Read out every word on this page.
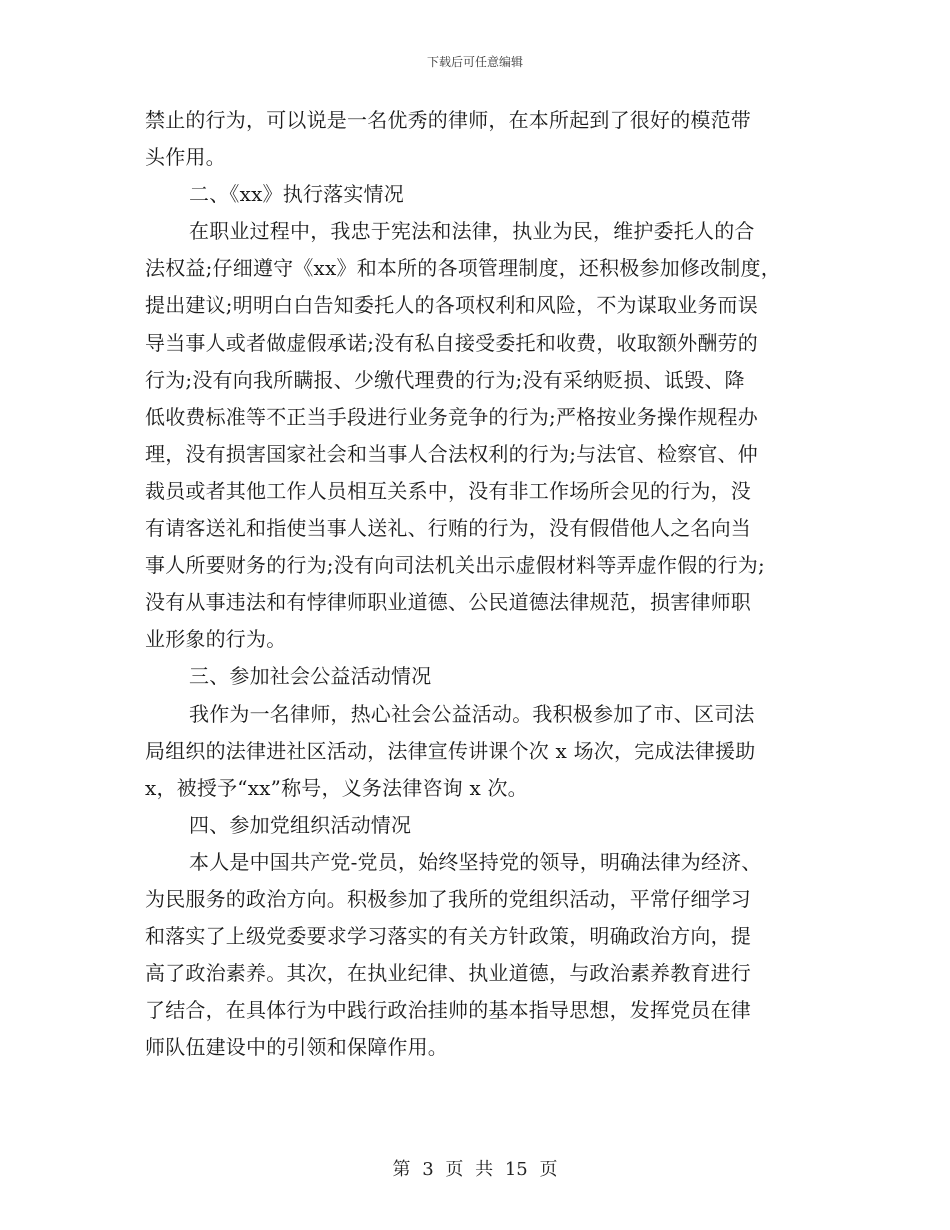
下载后可任意编辑
禁止的行为，可以说是一名优秀的律师，在本所起到了很好的模范带
头作用。
二、《xx》执行落实情况
在职业过程中，我忠于宪法和法律，执业为民，维护委托人的合
法权益;仔细遵守《xx》和本所的各项管理制度，还积极参加修改制度，
提出建议;明明白白告知委托人的各项权利和风险，不为谋取业务而误
导当事人或者做虚假承诺;没有私自接受委托和收费，收取额外酬劳的
行为;没有向我所瞒报、少缴代理费的行为;没有采纳贬损、诋毁、降
低收费标准等不正当手段进行业务竞争的行为;严格按业务操作规程办
理，没有损害国家社会和当事人合法权利的行为;与法官、检察官、仲
裁员或者其他工作人员相互关系中，没有非工作场所会见的行为，没
有请客送礼和指使当事人送礼、行贿的行为，没有假借他人之名向当
事人所要财务的行为;没有向司法机关出示虚假材料等弄虚作假的行为;
没有从事违法和有悖律师职业道德、公民道德法律规范，损害律师职
业形象的行为。
三、参加社会公益活动情况
我作为一名律师，热心社会公益活动。我积极参加了市、区司法
局组织的法律进社区活动，法律宣传讲课个次 x 场次，完成法律援助
x，被授予“xx”称号，义务法律咨询 x 次。
四、参加党组织活动情况
本人是中国共产党-党员，始终坚持党的领导，明确法律为经济、
为民服务的政治方向。积极参加了我所的党组织活动，平常仔细学习
和落实了上级党委要求学习落实的有关方针政策，明确政治方向，提
高了政治素养。其次，在执业纪律、执业道德，与政治素养教育进行
了结合，在具体行为中践行政治挂帅的基本指导思想，发挥党员在律
师队伍建设中的引领和保障作用。
第 3 页 共 15 页
